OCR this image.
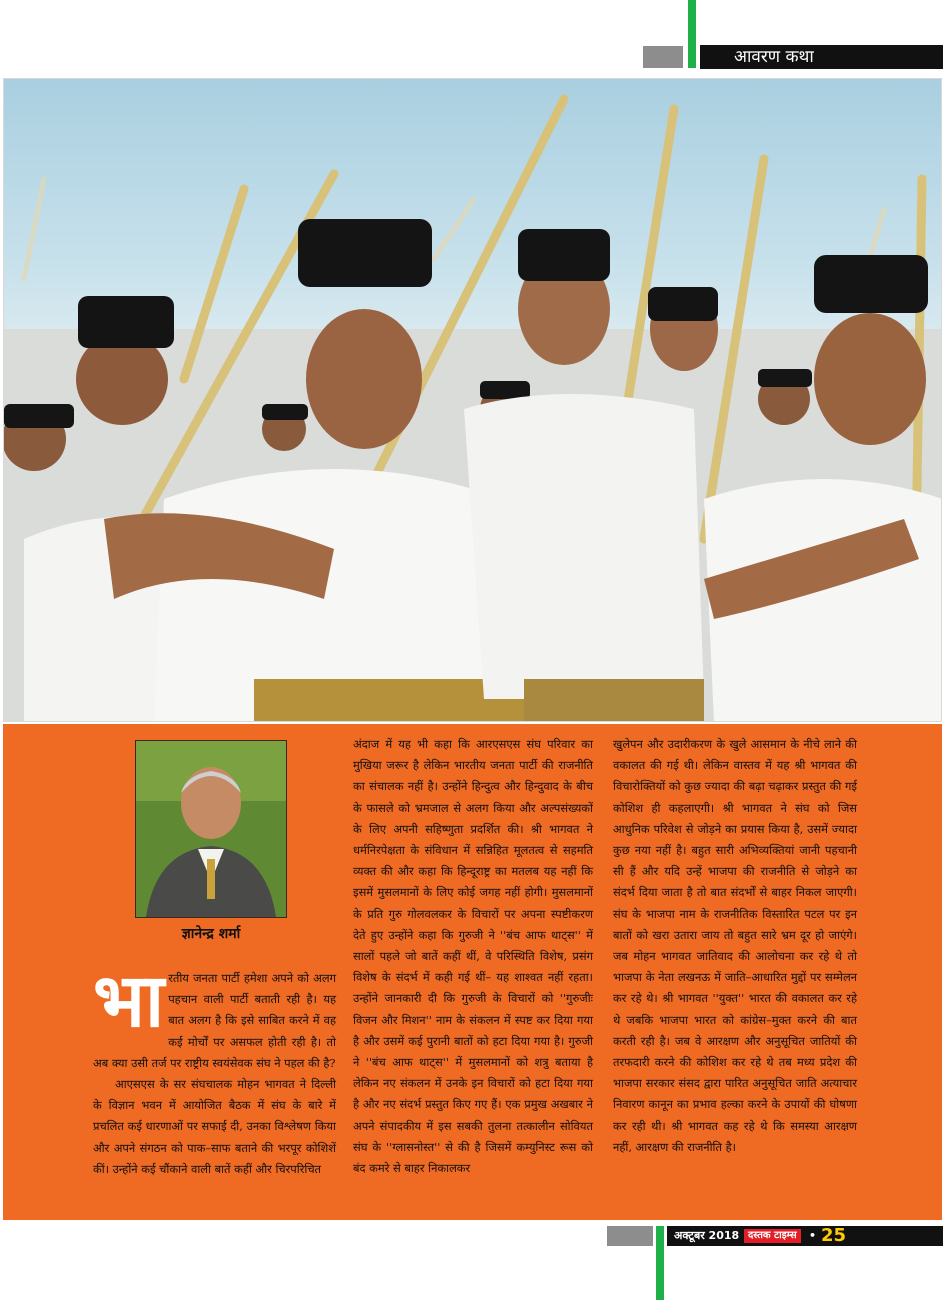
आवरण कथा
ज्ञानेन्द्र शर्मा

भारतीय जनता पार्टी हमेशा अपने को अलग पहचान वाली पार्टी बताती रही है। यह बात अलग है कि इसे साबित करने में वह कई मोर्चों पर असफल होती रही है। तो अब क्या उसी तर्ज पर राष्ट्रीय स्वयंसेवक संघ ने पहल की है?

आएसएस के सर संघचालक मोहन भागवत ने दिल्ली के विज्ञान भवन में आयोजित बैठक में संघ के बारे में प्रचलित कई धारणाओं पर सफाई दी, उनका विश्लेषण किया और अपने संगठन को पाक–साफ बताने की भरपूर कोशिशें कीं। उन्होंने कई चौंकाने वाली बातें कहीं और चिरपरिचित

अंदाज में यह भी कहा कि आरएसएस संघ परिवार का मुखिया जरूर है लेकिन भारतीय जनता पार्टी की राजनीति का संचालक नहीं है। उन्होंने हिन्दुत्व और हिन्दुवाद के बीच के फासले को भ्रमजाल से अलग किया और अल्पसंख्यकों के लिए अपनी सहिष्णुता प्रदर्शित की। श्री भागवत ने धर्मनिरपेक्षता के संविधान में सन्निहित मूलतत्व से सहमति व्यक्त की और कहा कि हिन्दूराष्ट्र का मतलब यह नहीं कि इसमें मुसलमानों के लिए कोई जगह नहीं होगी। मुसलमानों के प्रति गुरु गोलवलकर के विचारों पर अपना स्पष्टीकरण देते हुए उन्होंने कहा कि गुरुजी ने ''बंच आफ थाट्स'' में सालों पहले जो बातें कहीं थीं, वे परिस्थिति विशेष, प्रसंग विशेष के संदर्भ में कही गई थीं– यह शाश्वत नहीं रहता। उन्होंने जानकारी दी कि गुरुजी के विचारों को ''गुरुजीः विजन और मिशन'' नाम के संकलन में स्पष्ट कर दिया गया है और उसमें कई पुरानी बातों को हटा दिया गया है। गुरुजी ने ''बंच आफ थाट्स'' में मुसलमानों को शत्रु बताया है लेकिन नए संकलन में उनके इन विचारों को हटा दिया गया है और नए संदर्भ प्रस्तुत किए गए हैं। एक प्रमुख अखबार ने अपने संपादकीय में इस सबकी तुलना तत्कालीन सोवियत संघ के ''ग्लासनोस्त'' से की है जिसमें कम्युनिस्ट रूस को बंद कमरे से बाहर निकालकर

खुलेपन और उदारीकरण के खुले आसमान के नीचे लाने की वकालत की गई थी। लेकिन वास्तव में यह श्री भागवत की विचारोक्तियों को कुछ ज्यादा की बढ़ा चढ़ाकर प्रस्तुत की गई कोशिश ही कहलाएगी। श्री भागवत ने संघ को जिस आधुनिक परिवेश से जोड़ने का प्रयास किया है, उसमें ज्यादा कुछ नया नहीं है। बहुत सारी अभिव्यक्तियां जानी पहचानी सी हैं और यदि उन्हें भाजपा की राजनीति से जोड़ने का संदर्भ दिया जाता है तो बात संदर्भों से बाहर निकल जाएगी। संघ के भाजपा नाम के राजनीतिक विस्तारित पटल पर इन बातों को खरा उतारा जाय तो बहुत सारे भ्रम दूर हो जाएंगे। जब मोहन भागवत जातिवाद की आलोचना कर रहे थे तो भाजपा के नेता लखनऊ में जाति–आधारित मुद्दों पर सम्मेलन कर रहे थे। श्री भागवत ''युक्त'' भारत की वकालत कर रहे थे जबकि भाजपा भारत को कांग्रेस–मुक्त करने की बात करती रही है। जब वे आरक्षण और अनुसूचित जातियों की तरफदारी करने की कोशिश कर रहे थे तब मध्य प्रदेश की भाजपा सरकार संसद द्वारा पारित अनुसूचित जाति अत्याचार निवारण कानून का प्रभाव हल्का करने के उपायों की घोषणा कर रही थी। श्री भागवत कह रहे थे कि समस्या आरक्षण नहीं, आरक्षण की राजनीति है।

अक्टूबर 2018 दस्तक टाइम्स	• 25
